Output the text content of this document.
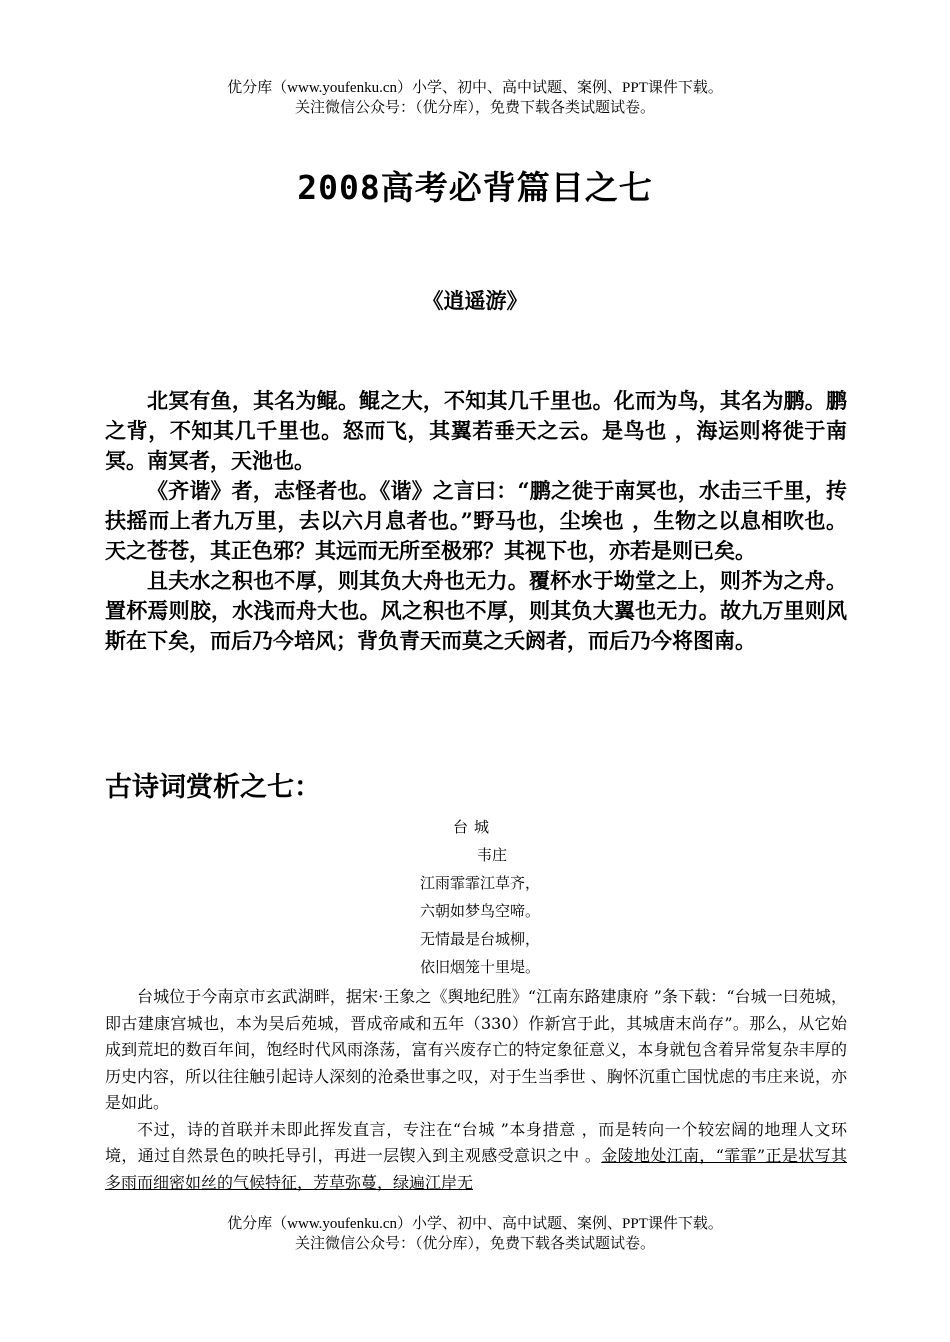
优分库（www.youfenku.cn）小学、初中、高中试题、案例、PPT课件下载。
关注微信公众号：（优分库），免费下载各类试题试卷。
2008高考必背篇目之七
《逍遥游》

北冥有鱼，其名为鲲。鲲之大，不知其几千里也。化而为鸟，其名为鹏。鹏之背，不知其几千里也。怒而飞，其翼若垂天之云。是鸟也 ，海运则将徙于南冥。南冥者，天池也。

《齐谐》者，志怪者也。《谐》之言曰：“鹏之徙于南冥也，水击三千里，抟扶摇而上者九万里，去以六月息者也。”野马也，尘埃也 ，生物之以息相吹也。天之苍苍，其正色邪？其远而无所至极邪？其视下也，亦若是则已矣。

且夫水之积也不厚，则其负大舟也无力。覆杯水于坳堂之上，则芥为之舟。置杯焉则胶，水浅而舟大也。风之积也不厚，则其负大翼也无力。故九万里则风斯在下矣，而后乃今培风；背负青天而莫之夭阏者，而后乃今将图南。

古诗词赏析之七：
台城
韦庄
江雨霏霏江草齐，
六朝如梦鸟空啼。
无情最是台城柳，
依旧烟笼十里堤。

台城位于今南京市玄武湖畔，据宋·王象之《舆地纪胜》“江南东路建康府 ”条下载：“台城一曰苑城，即古建康宫城也，本为吴后苑城，晋成帝咸和五年（330）作新宫于此，其城唐末尚存”。那么，从它始成到荒圯的数百年间，饱经时代风雨涤荡，富有兴废存亡的特定象征意义，本身就包含着异常复杂丰厚的历史内容，所以往往触引起诗人深刻的沧桑世事之叹，对于生当季世 、胸怀沉重亡国忧虑的韦庄来说，亦是如此。

不过，诗的首联并未即此挥发直言，专注在“台城 ”本身措意 ，而是转向一个较宏阔的地理人文环境，通过自然景色的映托导引，再进一层锲入到主观感受意识之中 。金陵地处江南，“霏霏”正是状写其 多雨而细密如丝的气候特征，芳草弥蔓，绿遍江岸无

优分库（www.youfenku.cn）小学、初中、高中试题、案例、PPT课件下载。
关注微信公众号：（优分库），免费下载各类试题试卷。
